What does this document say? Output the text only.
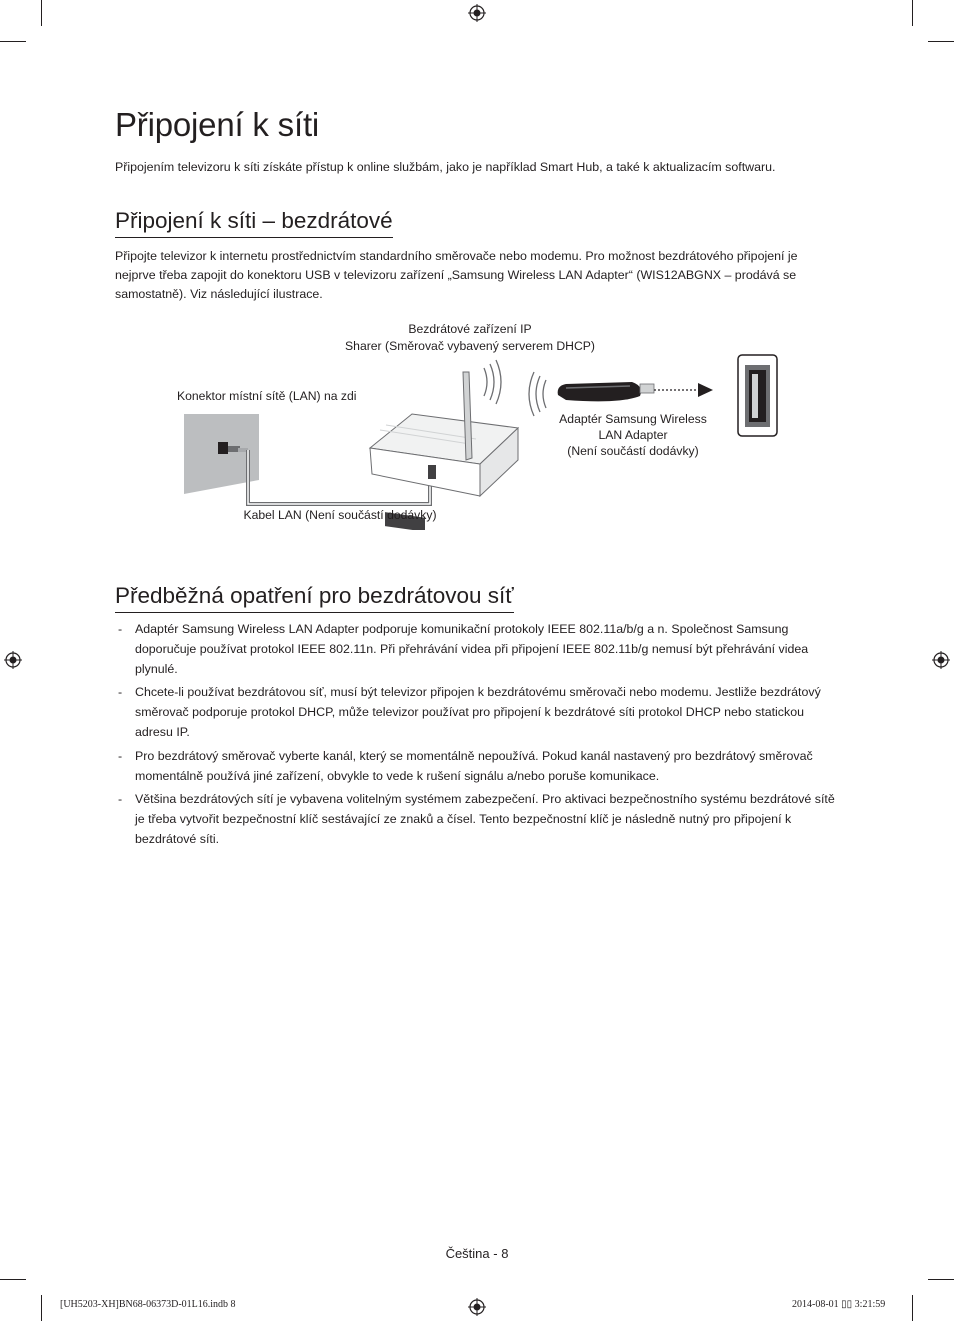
Připojení k síti

Připojením televizoru k síti získáte přístup k online službám, jako je například Smart Hub, a také k aktualizacím softwaru.

Připojení k síti – bezdrátové

Připojte televizor k internetu prostřednictvím standardního směrovače nebo modemu. Pro možnost bezdrátového připojení je nejprve třeba zapojit do konektoru USB v televizoru zařízení „Samsung Wireless LAN Adapter“ (WIS12ABGNX – prodává se samostatně). Viz následující ilustrace.

Bezdrátové zařízení IP
Sharer (Směrovač vybavený serverem DHCP)
Konektor místní sítě (LAN) na zdi
Adaptér Samsung Wireless
LAN Adapter
(Není součástí dodávky)
Kabel LAN (Není součástí dodávky)
Předběžná opatření pro bezdrátovou síť
- Adaptér Samsung Wireless LAN Adapter podporuje komunikační protokoly IEEE 802.11a/b/g a n. Společnost Samsung doporučuje používat protokol IEEE 802.11n. Při přehrávání videa při připojení IEEE 802.11b/g nemusí být přehrávání videa plynulé.
- Chcete-li používat bezdrátovou síť, musí být televizor připojen k bezdrátovému směrovači nebo modemu. Jestliže bezdrátový směrovač podporuje protokol DHCP, může televizor používat pro připojení k bezdrátové síti protokol DHCP nebo statickou adresu IP.
- Pro bezdrátový směrovač vyberte kanál, který se momentálně nepoužívá. Pokud kanál nastavený pro bezdrátový směrovač momentálně používá jiné zařízení, obvykle to vede k rušení signálu a/nebo poruše komunikace.
- Většina bezdrátových sítí je vybavena volitelným systémem zabezpečení. Pro aktivaci bezpečnostního systému bezdrátové sítě je třeba vytvořit bezpečnostní klíč sestávající ze znaků a čísel. Tento bezpečnostní klíč je následně nutný pro připojení k bezdrátové síti.
Čeština - 8
[UH5203-XH]BN68-06373D-01L16.indb 8	2014-08-01 ▯▯ 3:21:59
